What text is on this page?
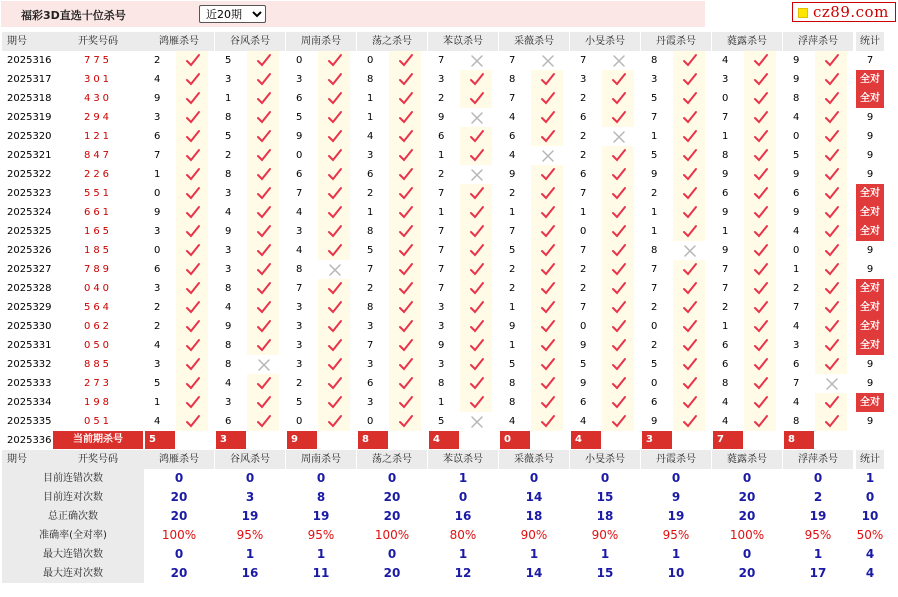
福彩3D直选十位杀号
近20期	cz89.com
期号	开奖号码	鸿雁杀号	谷风杀号	周南杀号	荡之杀号	苯苡杀号	采薇杀号	小旻杀号	丹霞杀号	蕤露杀号	浮萍杀号	统计
2025316	775	2	5	0	0	7	7	7	8	4	9	7
2025317	301	4	3	3	8	3	8	3	3	3	9	全对
2025318	430	9	1	6	1	2	7	2	5	0	8	全对
2025319	294	3	8	5	1	9	4	6	7	7	4	9
2025320	121	6	5	9	4	6	6	2	1	1	0	9
2025321	847	7	2	0	3	1	4	2	5	8	5	9
2025322	226	1	8	6	6	2	9	6	9	9	9	9
2025323	551	0	3	7	2	7	2	7	2	6	6	全对
2025324	661	9	4	4	1	1	1	1	1	9	9	全对
2025325	165	3	9	3	8	7	7	0	1	1	4	全对
2025326	185	0	3	4	5	7	5	7	8	9	0	9
2025327	789	6	3	8	7	7	2	2	7	7	1	9
2025328	040	3	8	7	2	7	2	2	7	7	2	全对
2025329	564	2	4	3	8	3	1	7	2	2	7	全对
2025330	062	2	9	3	3	3	9	0	0	1	4	全对
2025331	050	4	8	3	7	9	1	9	2	6	3	全对
2025332	885	3	8	3	3	3	5	5	5	6	6	9
2025333	273	5	4	2	6	8	8	9	0	8	7	9
2025334	198	1	3	5	3	1	8	6	6	4	4	全对
2025335	051	4	6	0	0	5	4	4	9	4	8	9
2025336	当前期杀号	5	3	9	8	4	0	4	3	7	8
期号	开奖号码	鸿雁杀号	谷风杀号	周南杀号	荡之杀号	苯苡杀号	采薇杀号	小旻杀号	丹霞杀号	蕤露杀号	浮萍杀号	统计
目前连错次数	0	0	0	0	1	0	0	0	0	0	1
目前连对次数	20	3	8	20	0	14	15	9	20	2	0
总正确次数	20	19	19	20	16	18	18	19	20	19	10
准确率(全对率)	100%	95%	95%	100%	80%	90%	90%	95%	100%	95%	50%
最大连错次数	0	1	1	0	1	1	1	1	0	1	4
最大连对次数	20	16	11	20	12	14	15	10	20	17	4
